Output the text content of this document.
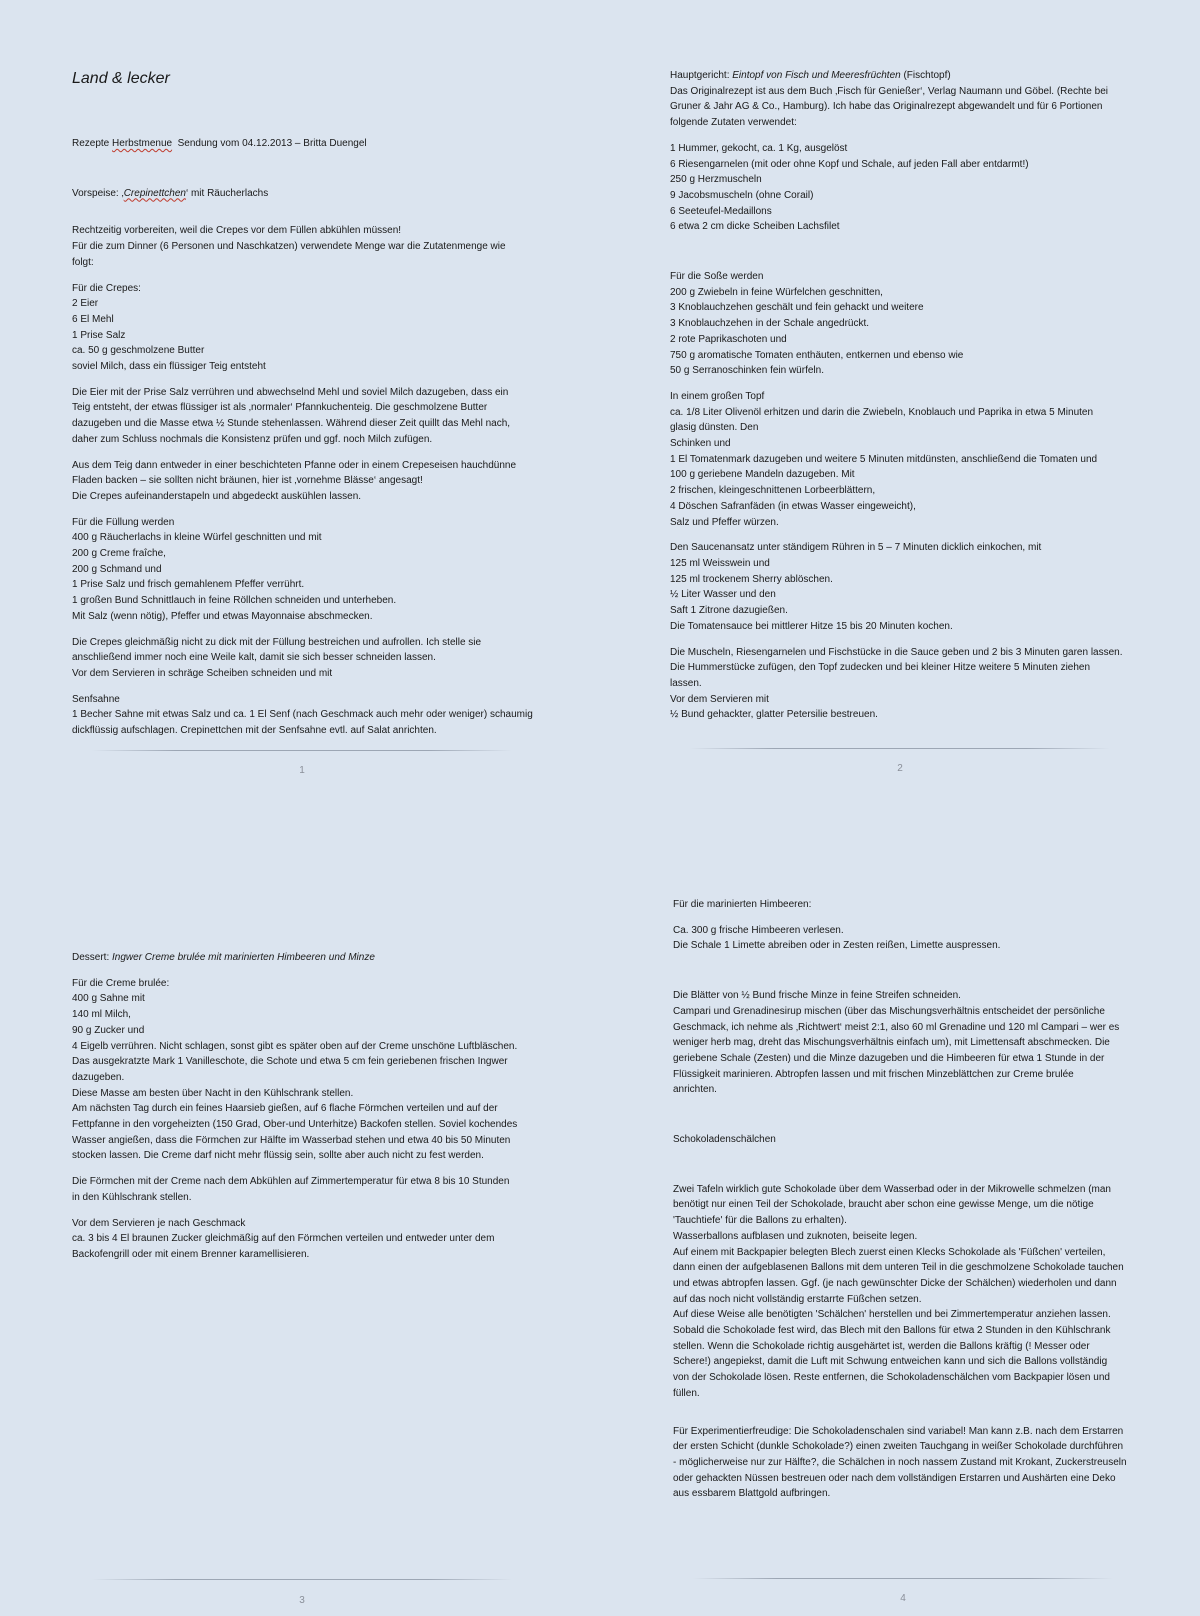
Land & lecker
Rezepte Herbstmenue  Sendung vom 04.12.2013 – Britta Duengel
Vorspeise: ‚Crepinettchen‘ mit Räucherlachs
Rechtzeitig vorbereiten, weil die Crepes vor dem Füllen abkühlen müssen!
Für die zum Dinner (6 Personen und Naschkatzen) verwendete Menge war die Zutatenmenge wie
folgt:
Für die Crepes:
2 Eier
6 El Mehl
1 Prise Salz
ca. 50 g geschmolzene Butter
soviel Milch, dass ein flüssiger Teig entsteht
Die Eier mit der Prise Salz verrühren und abwechselnd Mehl und soviel Milch dazugeben, dass ein
Teig entsteht, der etwas flüssiger ist als ‚normaler‘ Pfannkuchenteig. Die geschmolzene Butter
dazugeben und die Masse etwa ½ Stunde stehenlassen. Während dieser Zeit quillt das Mehl nach,
daher zum Schluss nochmals die Konsistenz prüfen und ggf. noch Milch zufügen.
Aus dem Teig dann entweder in einer beschichteten Pfanne oder in einem Crepeseisen hauchdünne
Fladen backen – sie sollten nicht bräunen, hier ist ‚vornehme Blässe‘ angesagt!
Die Crepes aufeinanderstapeln und abgedeckt auskühlen lassen.
Für die Füllung werden
400 g Räucherlachs in kleine Würfel geschnitten und mit
200 g Creme fraîche,
200 g Schmand und
1 Prise Salz und frisch gemahlenem Pfeffer verrührt.
1 großen Bund Schnittlauch in feine Röllchen schneiden und unterheben.
Mit Salz (wenn nötig), Pfeffer und etwas Mayonnaise abschmecken.
Die Crepes gleichmäßig nicht zu dick mit der Füllung bestreichen und aufrollen. Ich stelle sie
anschließend immer noch eine Weile kalt, damit sie sich besser schneiden lassen.
Vor dem Servieren in schräge Scheiben schneiden und mit
Senfsahne
1 Becher Sahne mit etwas Salz und ca. 1 El Senf (nach Geschmack auch mehr oder weniger) schaumig
dickflüssig aufschlagen. Crepinettchen mit der Senfsahne evtl. auf Salat anrichten.
1
Hauptgericht: Eintopf von Fisch und Meeresfrüchten (Fischtopf)
Das Originalrezept ist aus dem Buch ‚Fisch für Genießer‘, Verlag Naumann und Göbel. (Rechte bei
Gruner & Jahr AG & Co., Hamburg). Ich habe das Originalrezept abgewandelt und für 6 Portionen
folgende Zutaten verwendet:
1 Hummer, gekocht, ca. 1 Kg, ausgelöst
6 Riesengarnelen (mit oder ohne Kopf und Schale, auf jeden Fall aber entdarmt!)
250 g Herzmuscheln
9 Jacobsmuscheln (ohne Corail)
6 Seeteufel-Medaillons
6 etwa 2 cm dicke Scheiben Lachsfilet
Für die Soße werden
200 g Zwiebeln in feine Würfelchen geschnitten,
3 Knoblauchzehen geschält und fein gehackt und weitere
3 Knoblauchzehen in der Schale angedrückt.
2 rote Paprikaschoten und
750 g aromatische Tomaten enthäuten, entkernen und ebenso wie
50 g Serranoschinken fein würfeln.
In einem großen Topf
ca. 1/8 Liter Olivenöl erhitzen und darin die Zwiebeln, Knoblauch und Paprika in etwa 5 Minuten
glasig dünsten. Den
Schinken und
1 El Tomatenmark dazugeben und weitere 5 Minuten mitdünsten, anschließend die Tomaten und
100 g geriebene Mandeln dazugeben. Mit
2 frischen, kleingeschnittenen Lorbeerblättern,
4 Döschen Safranfäden (in etwas Wasser eingeweicht),
Salz und Pfeffer würzen.
Den Saucenansatz unter ständigem Rühren in 5 – 7 Minuten dicklich einkochen, mit
125 ml Weisswein und
125 ml trockenem Sherry ablöschen.
½ Liter Wasser und den
Saft 1 Zitrone dazugießen.
Die Tomatensauce bei mittlerer Hitze 15 bis 20 Minuten kochen.
Die Muscheln, Riesengarnelen und Fischstücke in die Sauce geben und 2 bis 3 Minuten garen lassen.
Die Hummerstücke zufügen, den Topf zudecken und bei kleiner Hitze weitere 5 Minuten ziehen
lassen.
Vor dem Servieren mit
½ Bund gehackter, glatter Petersilie bestreuen.
2
Dessert: Ingwer Creme brulée mit marinierten Himbeeren und Minze
Für die Creme brulée:
400 g Sahne mit
140 ml Milch,
90 g Zucker und
4 Eigelb verrühren. Nicht schlagen, sonst gibt es später oben auf der Creme unschöne Luftbläschen.
Das ausgekratzte Mark 1 Vanilleschote, die Schote und etwa 5 cm fein geriebenen frischen Ingwer
dazugeben.
Diese Masse am besten über Nacht in den Kühlschrank stellen.
Am nächsten Tag durch ein feines Haarsieb gießen, auf 6 flache Förmchen verteilen und auf der
Fettpfanne in den vorgeheizten (150 Grad, Ober-und Unterhitze) Backofen stellen. Soviel kochendes
Wasser angießen, dass die Förmchen zur Hälfte im Wasserbad stehen und etwa 40 bis 50 Minuten
stocken lassen. Die Creme darf nicht mehr flüssig sein, sollte aber auch nicht zu fest werden.
Die Förmchen mit der Creme nach dem Abkühlen auf Zimmertemperatur für etwa 8 bis 10 Stunden
in den Kühlschrank stellen.
Vor dem Servieren je nach Geschmack
ca. 3 bis 4 El braunen Zucker gleichmäßig auf den Förmchen verteilen und entweder unter dem
Backofengrill oder mit einem Brenner karamellisieren.
3
Für die marinierten Himbeeren:
Ca. 300 g frische Himbeeren verlesen.
Die Schale 1 Limette abreiben oder in Zesten reißen, Limette auspressen.
Die Blätter von ½ Bund frische Minze in feine Streifen schneiden.
Campari und Grenadinesirup mischen (über das Mischungsverhältnis entscheidet der persönliche
Geschmack, ich nehme als ‚Richtwert‘ meist 2:1, also 60 ml Grenadine und 120 ml Campari – wer es
weniger herb mag, dreht das Mischungsverhältnis einfach um), mit Limettensaft abschmecken. Die
geriebene Schale (Zesten) und die Minze dazugeben und die Himbeeren für etwa 1 Stunde in der
Flüssigkeit marinieren. Abtropfen lassen und mit frischen Minzeblättchen zur Creme brulée
anrichten.
Schokoladenschälchen
Zwei Tafeln wirklich gute Schokolade über dem Wasserbad oder in der Mikrowelle schmelzen (man
benötigt nur einen Teil der Schokolade, braucht aber schon eine gewisse Menge, um die nötige
'Tauchtiefe' für die Ballons zu erhalten).
Wasserballons aufblasen und zuknoten, beiseite legen.
Auf einem mit Backpapier belegten Blech zuerst einen Klecks Schokolade als 'Füßchen' verteilen,
dann einen der aufgeblasenen Ballons mit dem unteren Teil in die geschmolzene Schokolade tauchen
und etwas abtropfen lassen. Ggf. (je nach gewünschter Dicke der Schälchen) wiederholen und dann
auf das noch nicht vollständig erstarrte Füßchen setzen.
Auf diese Weise alle benötigten 'Schälchen' herstellen und bei Zimmertemperatur anziehen lassen.
Sobald die Schokolade fest wird, das Blech mit den Ballons für etwa 2 Stunden in den Kühlschrank
stellen. Wenn die Schokolade richtig ausgehärtet ist, werden die Ballons kräftig (! Messer oder
Schere!) angepiekst, damit die Luft mit Schwung entweichen kann und sich die Ballons vollständig
von der Schokolade lösen. Reste entfernen, die Schokoladenschälchen vom Backpapier lösen und
füllen.
Für Experimentierfreudige: Die Schokoladenschalen sind variabel! Man kann z.B. nach dem Erstarren
der ersten Schicht (dunkle Schokolade?) einen zweiten Tauchgang in weißer Schokolade durchführen
- möglicherweise nur zur Hälfte?, die Schälchen in noch nassem Zustand mit Krokant, Zuckerstreuseln
oder gehackten Nüssen bestreuen oder nach dem vollständigen Erstarren und Aushärten eine Deko
aus essbarem Blattgold aufbringen.
4
